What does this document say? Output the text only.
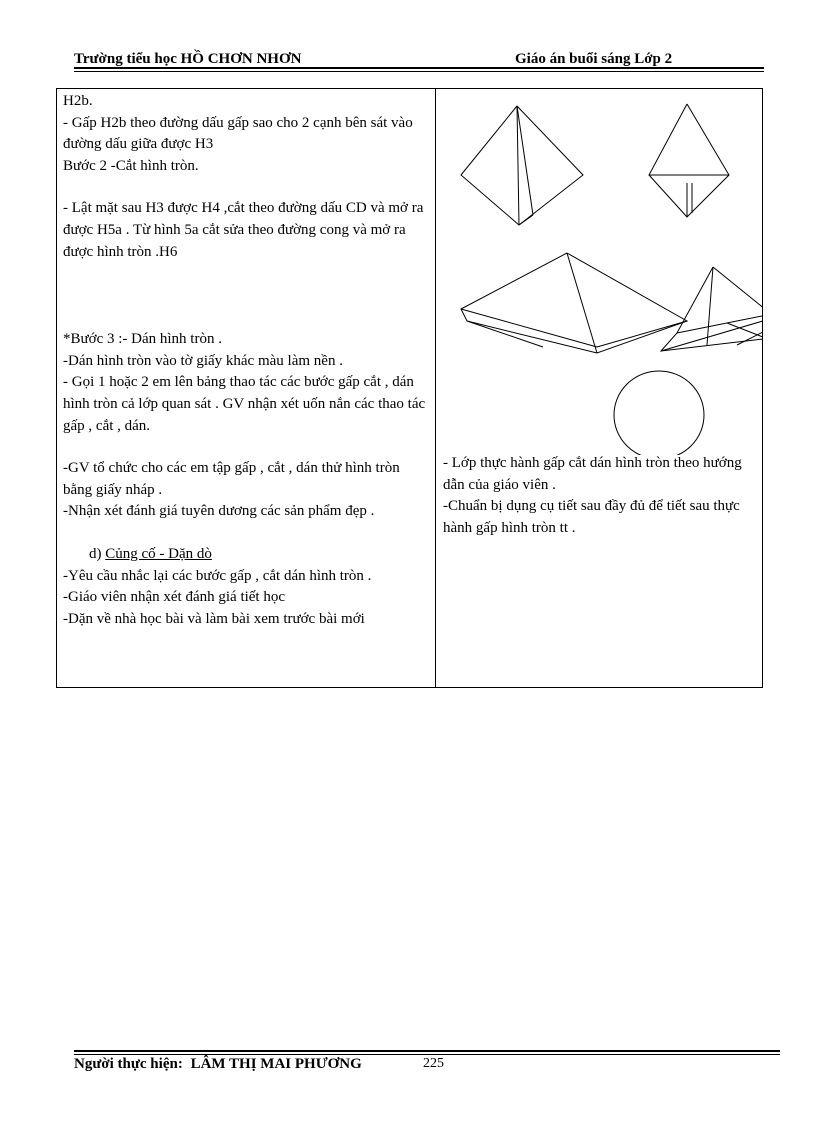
Trường tiểu học HỒ CHƠN NHƠN	Giáo án buổi sáng Lớp 2

H2b.

- Gấp H2b theo đường dấu gấp sao cho 2 cạnh bên sát vào đường dấu giữa được H3

Bước 2 -Cắt hình tròn.

- Lật mặt sau H3 được H4 ,cắt theo đường dấu CD và mở ra được H5a . Từ hình 5a cắt sửa theo đường cong và mở ra được hình tròn .H6

*Bước 3 :- Dán hình tròn .

-Dán hình tròn vào tờ giấy khác màu làm nền .

- Gọi 1 hoặc 2 em lên bảng thao tác các bước gấp cắt , dán hình tròn cả lớp quan sát . GV nhận xét uốn nắn các thao tác gấp , cắt , dán.

-GV tổ chức cho các em tập gấp , cắt , dán thử hình tròn bằng giấy nháp .

-Nhận xét đánh giá tuyên dương các sản phẩm đẹp .

d) Củng cố - Dặn dò

-Yêu cầu nhắc lại các bước gấp , cắt dán hình tròn .

-Giáo viên nhận xét đánh giá tiết học

-Dặn về nhà học bài và làm bài xem trước bài mới

- Lớp thực hành gấp cắt dán hình tròn theo hướng dẫn của giáo viên .

-Chuẩn bị dụng cụ tiết sau đầy đủ để tiết sau thực hành gấp hình tròn tt .

Người thực hiện: LÂM THỊ MAI PHƯƠNG	225
